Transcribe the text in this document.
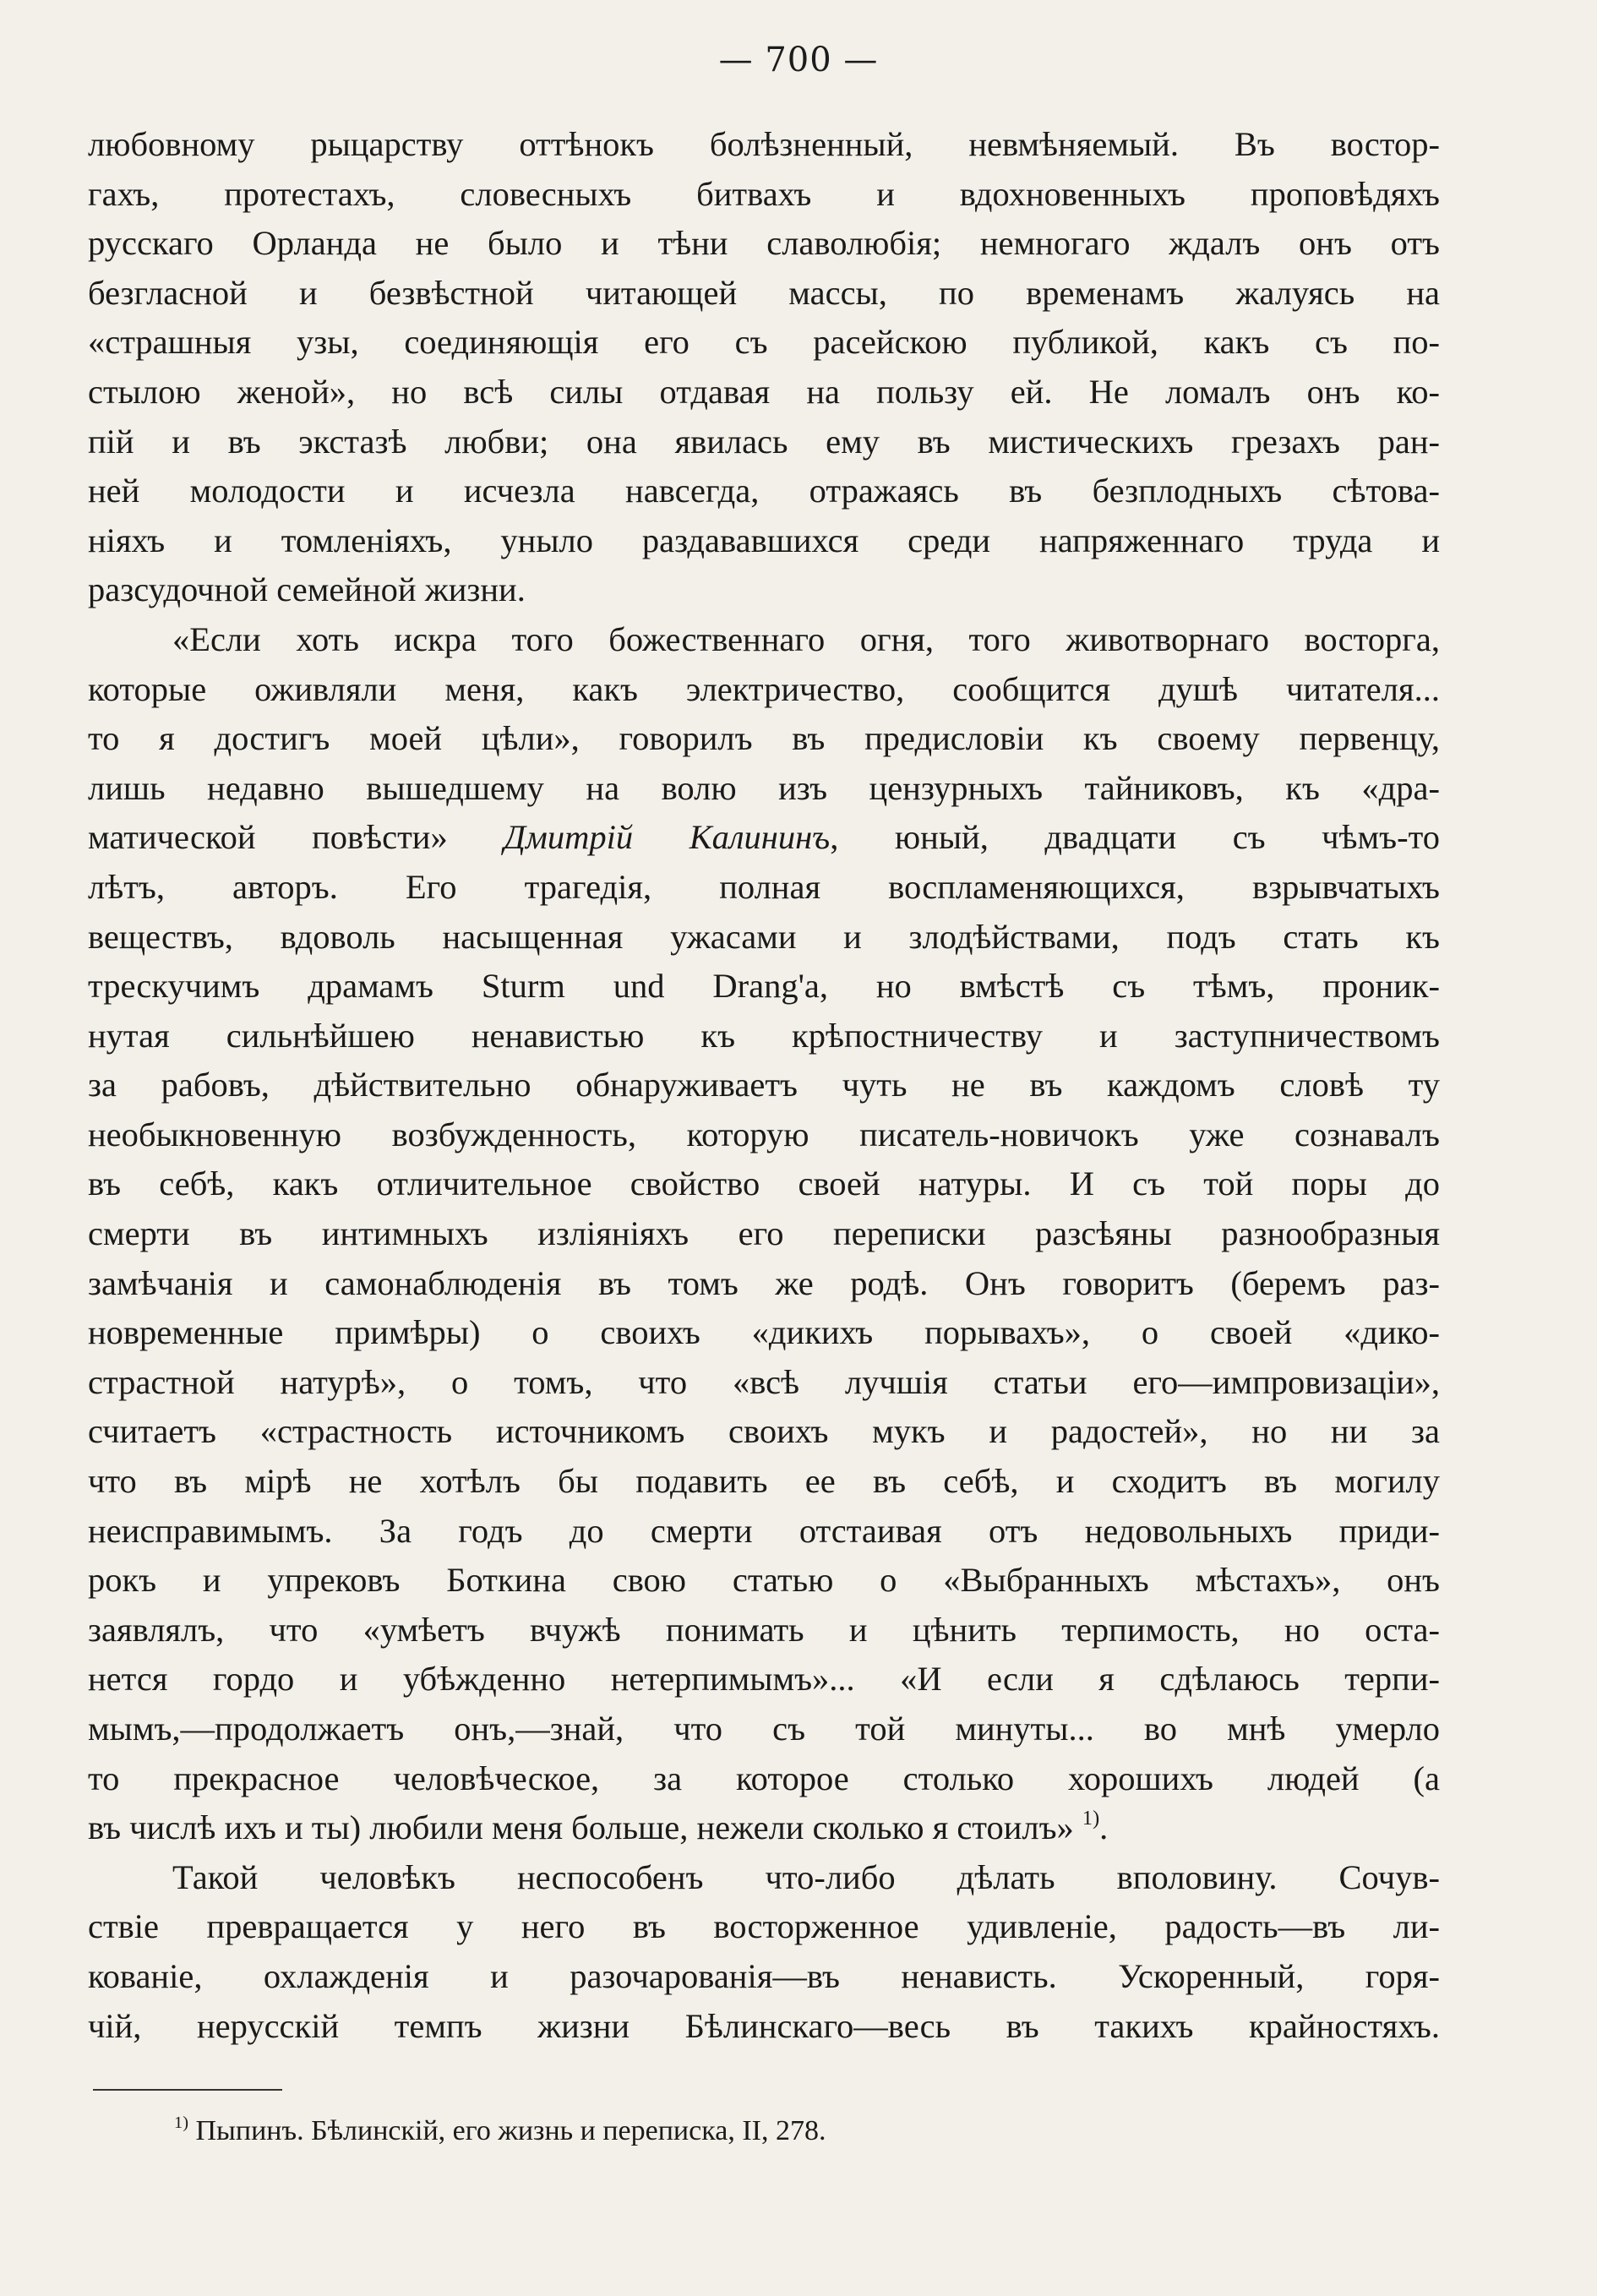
— 700 —
любовному рыцарству оттѣнокъ болѣзненный, невмѣняемый. Въ востор-
гахъ, протестахъ, словесныхъ битвахъ и вдохновенныхъ проповѣдяхъ
русскаго Орланда не было и тѣни славолюбія; немногаго ждалъ онъ отъ
безгласной и безвѣстной читающей массы, по временамъ жалуясь на
«страшныя узы, соединяющія его съ расейскою публикой, какъ съ по-
стылою женой», но всѣ силы отдавая на пользу ей. Не ломалъ онъ ко-
пій и въ экстазѣ любви; она явилась ему въ мистическихъ грезахъ ран-
ней молодости и исчезла навсегда, отражаясь въ безплодныхъ сѣтова-
ніяхъ и томленіяхъ, уныло раздававшихся среди напряженнаго труда и
разсудочной семейной жизни.
«Если хоть искра того божественнаго огня, того животворнаго восторга,
которые оживляли меня, какъ электричество, сообщится душѣ читателя...
то я достигъ моей цѣли», говорилъ въ предисловіи къ своему первенцу,
лишь недавно вышедшему на волю изъ цензурныхъ тайниковъ, къ «дра-
матической повѣсти» Дмитрій Калининъ, юный, двадцати съ чѣмъ-то
лѣтъ, авторъ. Его трагедія, полная воспламеняющихся, взрывчатыхъ
веществъ, вдоволь насыщенная ужасами и злодѣйствами, подъ стать къ
трескучимъ драмамъ Sturm und Drang'a, но вмѣстѣ съ тѣмъ, проник-
нутая сильнѣйшею ненавистью къ крѣпостничеству и заступничествомъ
за рабовъ, дѣйствительно обнаруживаетъ чуть не въ каждомъ словѣ ту
необыкновенную возбужденность, которую писатель-новичокъ уже сознавалъ
въ себѣ, какъ отличительное свойство своей натуры. И съ той поры до
смерти въ интимныхъ изліяніяхъ его переписки разсѣяны разнообразныя
замѣчанія и самонаблюденія въ томъ же родѣ. Онъ говоритъ (беремъ раз-
новременные примѣры) о своихъ «дикихъ порывахъ», о своей «дико-
страстной натурѣ», о томъ, что «всѣ лучшія статьи его—импровизаціи»,
считаетъ «страстность источникомъ своихъ мукъ и радостей», но ни за
что въ мірѣ не хотѣлъ бы подавить ее въ себѣ, и сходитъ въ могилу
неисправимымъ. За годъ до смерти отстаивая отъ недовольныхъ приди-
рокъ и упрековъ Боткина свою статью о «Выбранныхъ мѣстахъ», онъ
заявлялъ, что «умѣетъ вчужѣ понимать и цѣнить терпимость, но оста-
нется гордо и убѣжденно нетерпимымъ»... «И если я сдѣлаюсь терпи-
мымъ,—продолжаетъ онъ,—знай, что съ той минуты... во мнѣ умерло
то прекрасное человѣческое, за которое столько хорошихъ людей (а
въ числѣ ихъ и ты) любили меня больше, нежели сколько я стоилъ» $^{1)}$.
Такой человѣкъ неспособенъ что-либо дѣлать вполовину. Сочув-
ствіе превращается у него въ восторженное удивленіе, радость—въ ли-
кованіе, охлажденія и разочарованія—въ ненависть. Ускоренный, горя-
чій, нерусскій темпъ жизни Бѣлинскаго—весь въ такихъ крайностяхъ.
$^{1)}$ Пыпинъ. Бѣлинскій, его жизнь и переписка, II, 278.
